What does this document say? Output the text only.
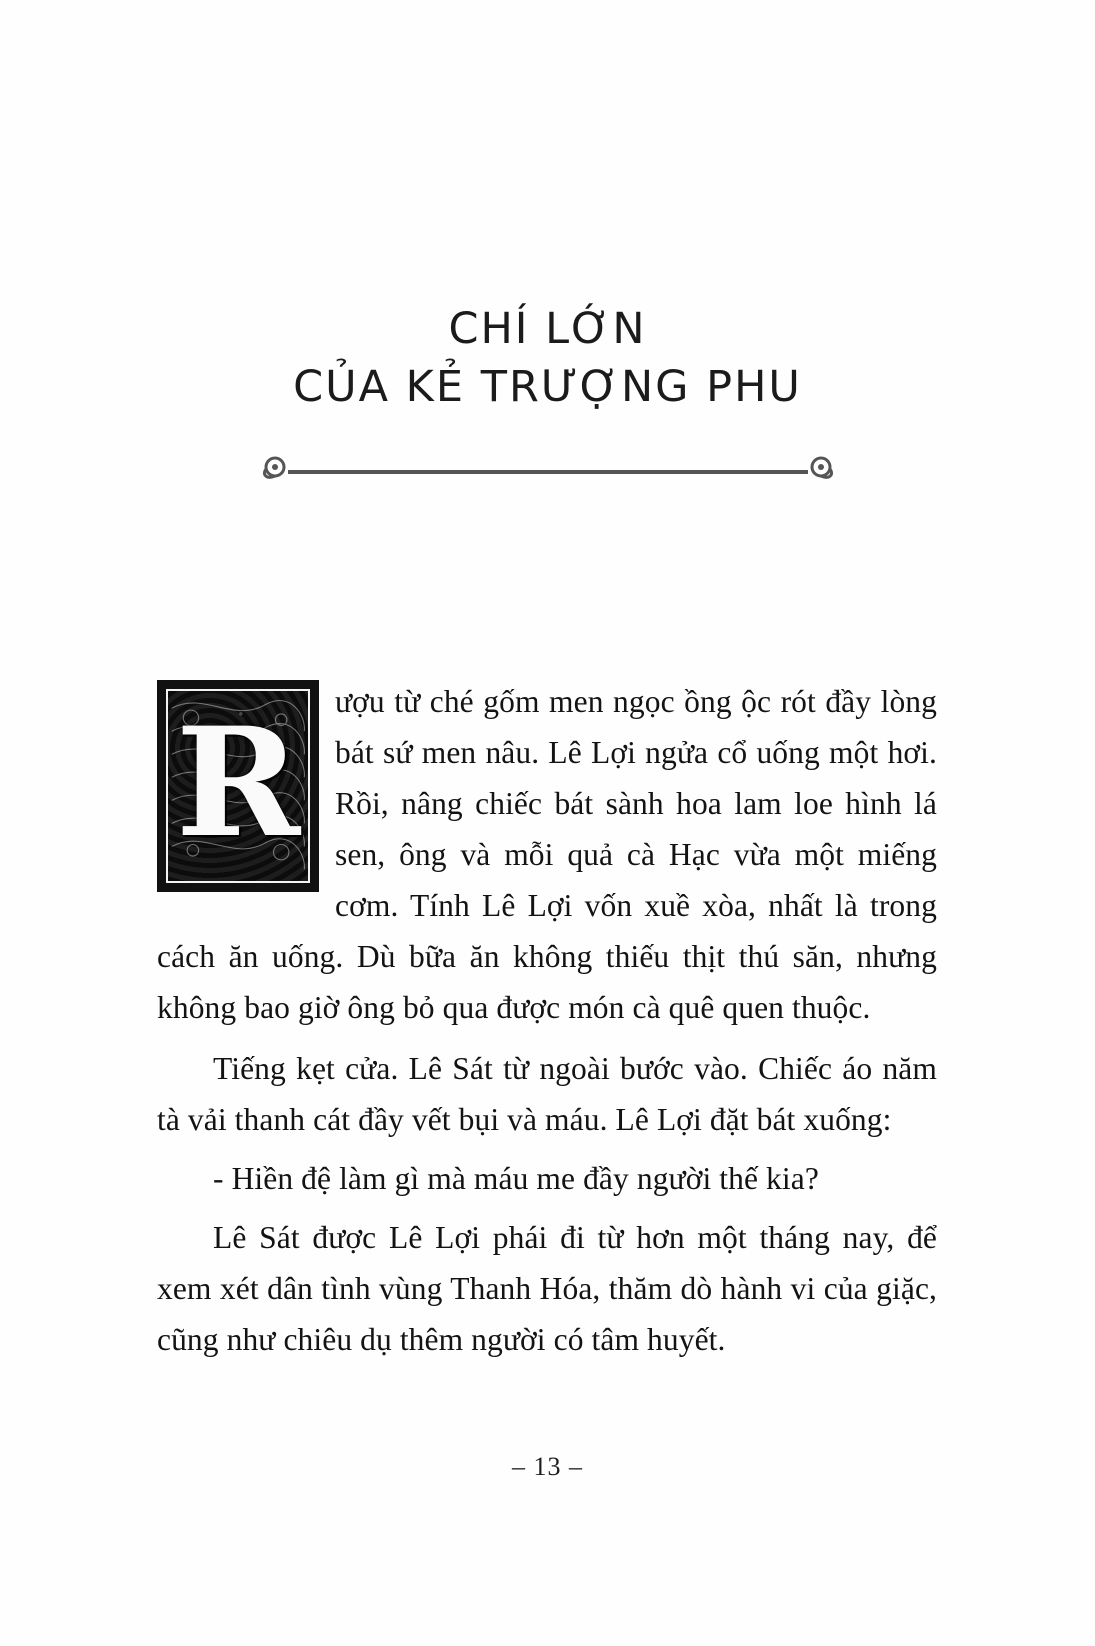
CHÍ LỚN
CỦA KẺ TRƯỢNG PHU
R	ượu từ ché gốm men ngọc ồng ộc rót đầy lòng bát sứ men nâu. Lê Lợi ngửa cổ uống một hơi. Rồi, nâng chiếc bát sành hoa lam loe hình lá sen, ông và mỗi quả cà Hạc vừa một miếng cơm. Tính Lê Lợi vốn xuề xòa, nhất là trong cách ăn uống. Dù bữa ăn không thiếu thịt thú săn, nhưng không bao giờ ông bỏ qua được món cà quê quen thuộc.

Tiếng kẹt cửa. Lê Sát từ ngoài bước vào. Chiếc áo năm tà vải thanh cát đầy vết bụi và máu. Lê Lợi đặt bát xuống:

- Hiền đệ làm gì mà máu me đầy người thế kia?

Lê Sát được Lê Lợi phái đi từ hơn một tháng nay, để xem xét dân tình vùng Thanh Hóa, thăm dò hành vi của giặc, cũng như chiêu dụ thêm người có tâm huyết.

– 13 –
